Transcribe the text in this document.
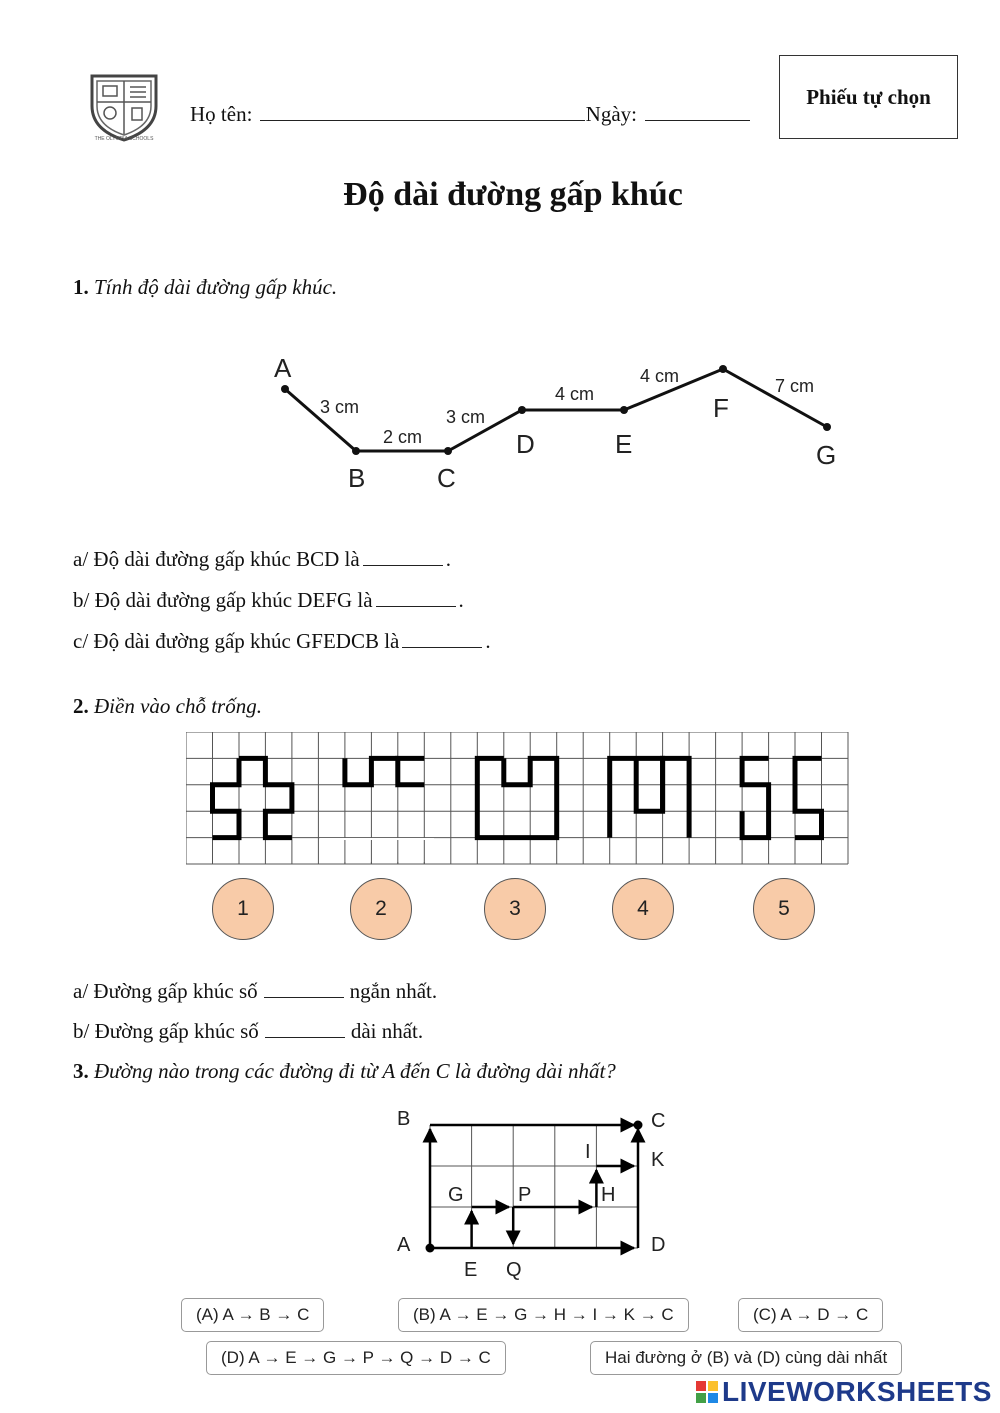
THE OLYMPIA SCHOOLS
Họ tên:	Ngày:
Phiếu tự chọn
Độ dài đường gấp khúc
1. Tính độ dài đường gấp khúc.
A
B	C
D	E
F
G
3 cm
2 cm
3 cm
4 cm
4 cm	7 cm
a/ Độ dài đường gấp khúc BCD là	.
b/ Độ dài đường gấp khúc DEFG là	.
c/ Độ dài đường gấp khúc GFEDCB là	.
2. Điền vào chỗ trống.
1	2	3	4	5
a/ Đường gấp khúc số	ngắn nhất.
b/ Đường gấp khúc số	dài nhất.
3. Đường nào trong các đường đi từ A đến C là đường dài nhất?
B	C
K
I
H
G	P
A	D
E Q
(A) A → B → C	(B) A → E → G → H → I → K → C	(C) A → D → C
(D) A → E → G → P → Q → D → C	Hai đường ở (B) và (D) cùng dài nhất
LIVEWORKSHEETS
